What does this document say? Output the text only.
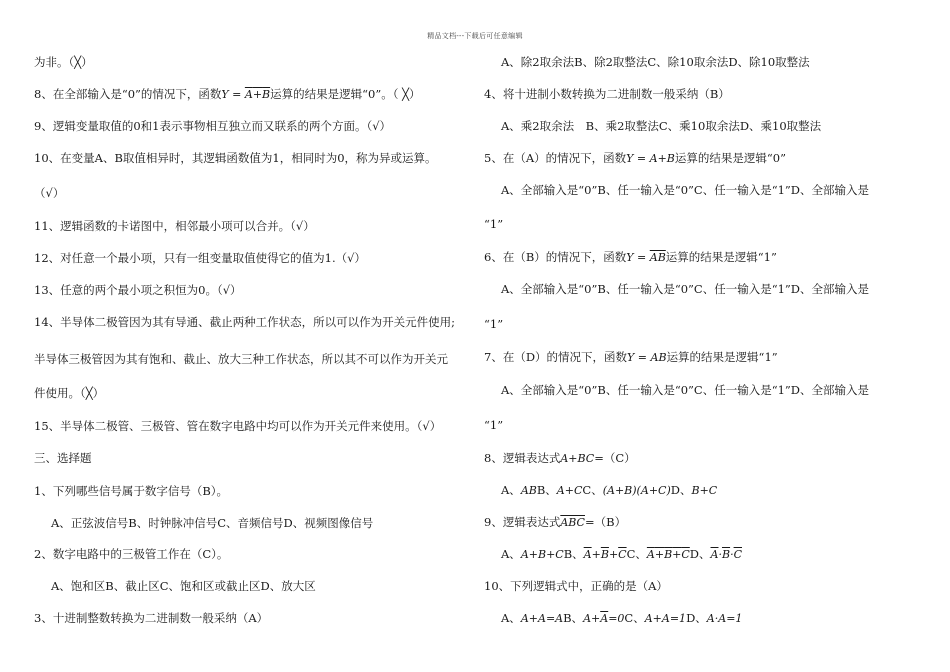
精品文档---下载后可任意编辑
为非。（╳）
8、在全部输入是“0”的情况下，函数Y = A+B运算的结果是逻辑“0”。（ ╳）
9、逻辑变量取值的0和1表示事物相互独立而又联系的两个方面。（√）
10、在变量A、B取值相异时，其逻辑函数值为1，相同时为0，称为异或运算。
（√）
11、逻辑函数的卡诺图中，相邻最小项可以合并。（√）
12、对任意一个最小项，只有一组变量取值使得它的值为1.（√）
13、任意的两个最小项之积恒为0。（√）
14、半导体二极管因为其有导通、截止两种工作状态，所以可以作为开关元件使用;
半导体三极管因为其有饱和、截止、放大三种工作状态，所以其不可以作为开关元
件使用。（╳）
15、半导体二极管、三极管、管在数字电路中均可以作为开关元件来使用。（√）
三、选择题
1、下列哪些信号属于数字信号（B）。
A、正弦波信号B、时钟脉冲信号C、音频信号D、视频图像信号
2、数字电路中的三极管工作在（C）。
A、饱和区B、截止区C、饱和区或截止区D、放大区
3、十进制整数转换为二进制数一般采纳（A）
A、除2取余法B、除2取整法C、除10取余法D、除10取整法
4、将十进制小数转换为二进制数一般采纳（B）
A、乘2取余法　B、乘2取整法C、乘10取余法D、乘10取整法
5、在（A）的情况下，函数Y = A+B运算的结果是逻辑“0”
A、全部输入是“0”B、任一输入是“0”C、任一输入是“1”D、全部输入是
“1”
6、在（B）的情况下，函数$Y = \overline{AB}$运算的结果是逻辑“1”
A、全部输入是“0”B、任一输入是“0”C、任一输入是“1”D、全部输入是
“1”
7、在（D）的情况下，函数Y = AB运算的结果是逻辑“1”
A、全部输入是“0”B、任一输入是“0”C、任一输入是“1”D、全部输入是
“1”
8、逻辑表达式A+BC=（C）
A、ABB、A+CC、(A+B)(A+C)D、B+C
9、逻辑表达式$\overline{ABC}=(B)$
A、A+B+CB、$\overline{A}+\overline{B}+\overline{C}C$、A+B+CD、$\overline{A}\cdot\overline{B}\cdot\overline{C}$
10、下列逻辑式中，正确的是（A）
A、A+A=AB、$A+\overline{A}=0C$、A+A=1D、A·A=1
